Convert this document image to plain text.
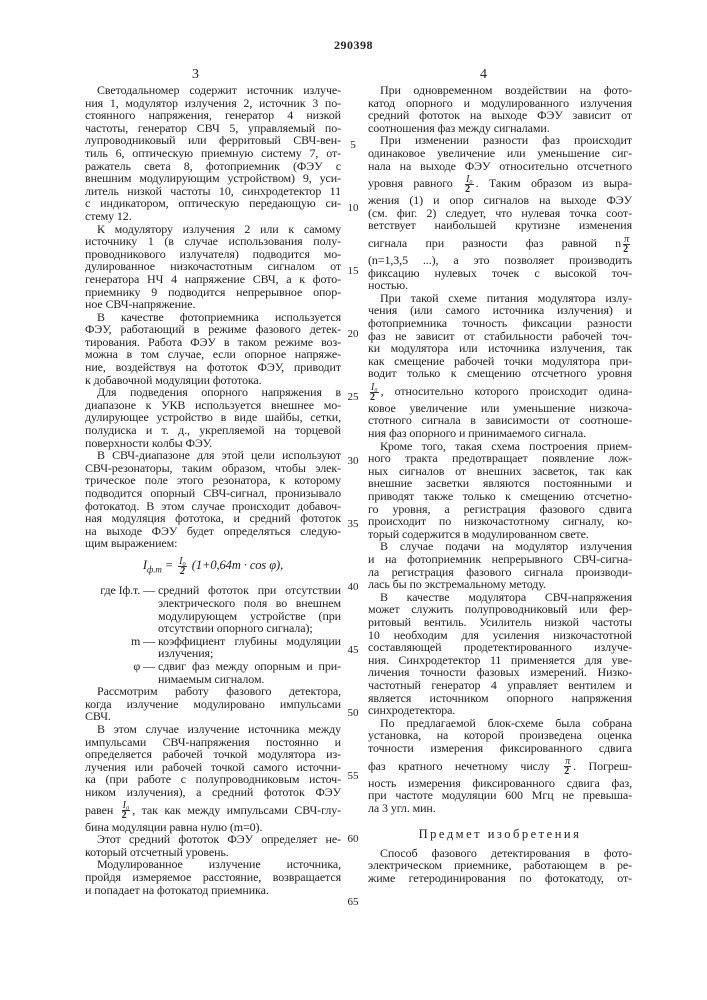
290398
3	4
Светодальномер содержит источник излуче-
ния 1, модулятор излучения 2, источник 3 по-
стоянного напряжения, генератор 4 низкой
частоты, генератор СВЧ 5, управляемый по-
лупроводниковый или ферритовый СВЧ-вен-
тиль 6, оптическую приемную систему 7, от-
ражатель света 8, фотоприемник (ФЭУ с
внешним модулирующим устройством) 9, уси-
литель низкой частоты 10, синхродетектор 11
с индикатором, оптическую передающую си-
стему 12.
К модулятору излучения 2 или к самому
источнику 1 (в случае использования полу-
проводникового излучателя) подводится мо-
дулированное низкочастотным сигналом от
генератора НЧ 4 напряжение СВЧ, а к фото-
приемнику 9 подводится непрерывное опор-
ное СВЧ-напряжение.
В качестве фотоприемника используется
ФЭУ, работающий в режиме фазового детек-
тирования. Работа ФЭУ в таком режиме воз-
можна в том случае, если опорное напряже-
ние, воздействуя на фототок ФЭУ, приводит
к добавочной модуляции фототока.
Для подведения опорного напряжения в
диапазоне к УКВ используется внешнее мо-
дулирующее устройство в виде шайбы, сетки,
полудиска и т. д., укрепляемой на торцевой
поверхности колбы ФЭУ.
В СВЧ-диапазоне для этой цели используют
СВЧ-резонаторы, таким образом, чтобы элек-
трическое поле этого резонатора, к которому
подводится опорный СВЧ-сигнал, пронизывало
фотокатод. В этом случае происходит добавоч-
ная модуляция фототока, и средний фототок
на выходе ФЭУ будет определяться следую-
щим выражением:
Iф.т = I₀
2 (1+0,64m · cos φ),
где Iф.т. — средний фототок при отсутствии
электрического поля во внешнем
модулирующем устройстве (при
отсутствии опорного сигнала);
m — коэффициент глубины модуляции
излучения;
φ — сдвиг фаз между опорным и при-
нимаемым сигналом.
Рассмотрим работу фазового детектора,
когда излучение модулировано импульсами
СВЧ.
В этом случае излучение источника между
импульсами СВЧ-напряжения постоянно и
определяется рабочей точкой модулятора из-
лучения или рабочей точкой самого источни-
ка (при работе с полупроводниковым источ-
ником излучения), а средний фототок ФЭУ
равен I₀
2 , так как между импульсами СВЧ-глу-
бина модуляции равна нулю (m=0).
Этот средний фототок ФЭУ определяет не-
который отсчетный уровень.
Модулированное излучение источника,
пройдя измеряемое расстояние, возвращается
и попадает на фотокатод приемника.
При одновременном воздействии на фото-
катод опорного и модулированного излучения
средний фототок на выходе ФЭУ зависит от
соотношения фаз между сигналами.
При изменении разности фаз происходит
одинаковое увеличение или уменьшение сиг-
нала на выходе ФЭУ относительно отсчетного
уровня равного I₀
2 . Таким образом из выра-
жения (1) и опор сигналов на выходе ФЭУ
(см. фиг. 2) следует, что нулевая точка соот-
ветствует наибольшей крутизне изменения
сигнала при разности фаз равной n π
2
(n=1,3,5 ...), а это позволяет производить
фиксацию нулевых точек с высокой точ-
ностью.
При такой схеме питания модулятора излу-
чения (или самого источника излучения) и
фотоприемника точность фиксации разности
фаз не зависит от стабильности рабочей точ-
ки модулятора или источника излучения, так
как смещение рабочей точки модулятора при-
водит только к смещению отсчетного уровня
I₀
2 , относительно которого происходит одина-
ковое увеличение или уменьшение низкоча-
стотного сигнала в зависимости от соотноше-
ния фаз опорного и принимаемого сигнала.
Кроме того, такая схема построения прием-
ного тракта предотвращает появление лож-
ных сигналов от внешних засветок, так как
внешние засветки являются постоянными и
приводят также только к смещению отсчетно-
го уровня, а регистрация фазового сдвига
происходит по низкочастотному сигналу, ко-
торый содержится в модулированном свете.
В случае подачи на модулятор излучения
и на фотоприемник непрерывного СВЧ-сигна-
ла регистрация фазового сигнала производи-
лась бы по экстремальному методу.
В качестве модулятора СВЧ-напряжения
может служить полупроводниковый или фер-
ритовый вентиль. Усилитель низкой частоты
10 необходим для усиления низкочастотной
составляющей продетектированного излуче-
ния. Синхродетектор 11 применяется для уве-
личения точности фазовых измерений. Низко-
частотный генератор 4 управляет вентилем и
является источником опорного напряжения
синхродетектора.
По предлагаемой блок-схеме была собрана
установка, на которой произведена оценка
точности измерения фиксированного сдвига
фаз кратного нечетному числу π
2 . Погреш-
ность измерения фиксированного сдвига фаз,
при частоте модуляции 600 Мгц не превыша-
ла 3 угл. мин.
Предмет изобретения
Способ фазового детектирования в фото-
электрическом приемнике, работающем в ре-
жиме гетеродинирования по фотокатоду, от-
5
10
15
20
25
30
35
40
45
50
55
60
65
